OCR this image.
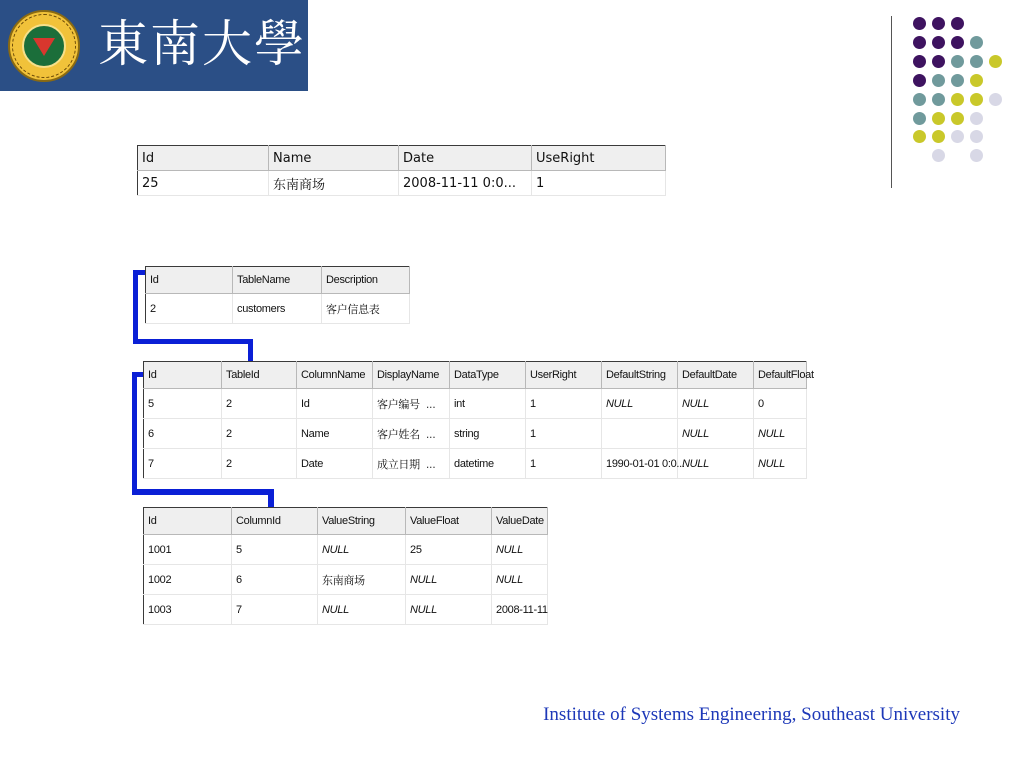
東南大學
Id	Name	Date	UseRight
25	东南商场	2008-11-11 0:0...	1
Id	TableName	Description
2	customers	客户信息表
Id	TableId	ColumnName	DisplayName	DataType	UserRight	DefaultString	DefaultDate	DefaultFloat
5	2	Id	客户编号 ...	int	1	NULL	NULL	0
6	2	Name	客户姓名 ...	string	1		NULL	NULL
7	2	Date	成立日期 ...	datetime	1	1990-01-01 0:0...	NULL	NULL
Id	ColumnId	ValueString	ValueFloat	ValueDate
1001	5	NULL	25	NULL
1002	6	东南商场	NULL	NULL
1003	7	NULL	NULL	2008-11-11
Institute of Systems Engineering, Southeast University
